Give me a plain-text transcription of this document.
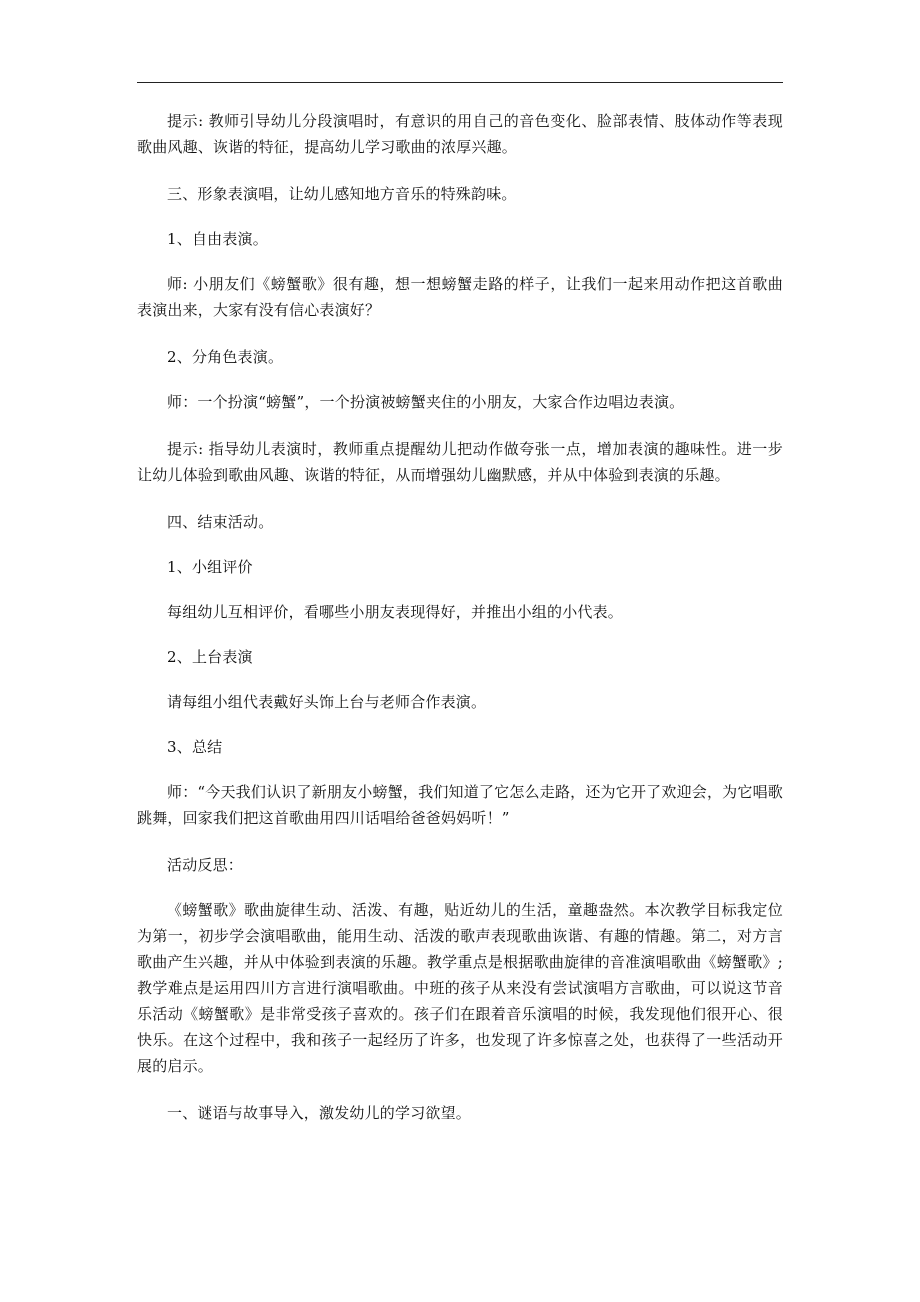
提示: 教师引导幼儿分段演唱时，有意识的用自己的音色变化、脸部表情、肢体动作等表现歌曲风趣、诙谐的特征，提高幼儿学习歌曲的浓厚兴趣。

三、形象表演唱，让幼儿感知地方音乐的特殊韵味。

1、自由表演。

师: 小朋友们《螃蟹歌》很有趣，想一想螃蟹走路的样子，让我们一起来用动作把这首歌曲表演出来，大家有没有信心表演好？

2、分角色表演。

师：一个扮演“螃蟹”，一个扮演被螃蟹夹住的小朋友，大家合作边唱边表演。

提示: 指导幼儿表演时，教师重点提醒幼儿把动作做夸张一点，增加表演的趣味性。进一步让幼儿体验到歌曲风趣、诙谐的特征，从而增强幼儿幽默感，并从中体验到表演的乐趣。

四、结束活动。

1、小组评价

每组幼儿互相评价，看哪些小朋友表现得好，并推出小组的小代表。

2、上台表演

请每组小组代表戴好头饰上台与老师合作表演。

3、总结

师：“今天我们认识了新朋友小螃蟹，我们知道了它怎么走路，还为它开了欢迎会，为它唱歌跳舞，回家我们把这首歌曲用四川话唱给爸爸妈妈听！”

活动反思：

《螃蟹歌》歌曲旋律生动、活泼、有趣，贴近幼儿的生活，童趣盎然。本次教学目标我定位为第一，初步学会演唱歌曲，能用生动、活泼的歌声表现歌曲诙谐、有趣的情趣。第二，对方言歌曲产生兴趣，并从中体验到表演的乐趣。教学重点是根据歌曲旋律的音准演唱歌曲《螃蟹歌》; 教学难点是运用四川方言进行演唱歌曲。中班的孩子从来没有尝试演唱方言歌曲，可以说这节音乐活动《螃蟹歌》是非常受孩子喜欢的。孩子们在跟着音乐演唱的时候，我发现他们很开心、很快乐。在这个过程中，我和孩子一起经历了许多，也发现了许多惊喜之处，也获得了一些活动开展的启示。

一、谜语与故事导入，激发幼儿的学习欲望。
